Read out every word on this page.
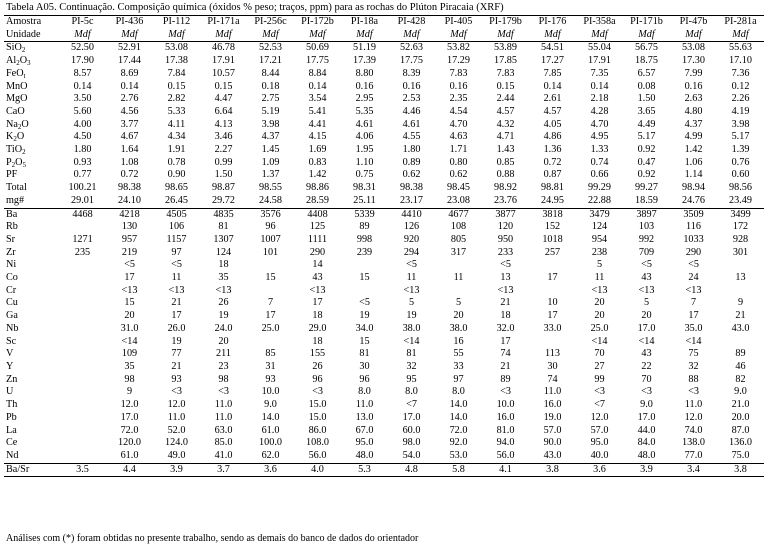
Tabela A05. Continuação. Composição química (óxidos % peso; traços, ppm) para as rochas do Plúton Piracaia (XRF)
Amostra	PI-5c	PI-436	PI-112	PI-171a	PI-256c	PI-172b	PI-18a	PI-428	PI-405	PI-179b	PI-176	PI-358a	PI-171b	PI-47b	PI-281a
Unidade	Mdf	Mdf	Mdf	Mdf	Mdf	Mdf	Mdf	Mdf	Mdf	Mdf	Mdf	Mdf	Mdf	Mdf	Mdf
SiO$_2$	52.50	52.91	53.08	46.78	52.53	50.69	51.19	52.63	53.82	53.89	54.51	55.04	56.75	53.08	55.63
$Al_2O_3$	17.90	17.44	17.38	17.91	17.21	17.75	17.39	17.75	17.29	17.85	17.27	17.91	18.75	17.30	17.10
FeO$_t$	8.57	8.69	7.84	10.57	8.44	8.84	8.80	8.39	7.83	7.83	7.85	7.35	6.57	7.99	7.36
MnO	0.14	0.14	0.15	0.15	0.18	0.14	0.16	0.16	0.16	0.15	0.14	0.14	0.08	0.16	0.12
MgO	3.50	2.76	2.82	4.47	2.75	3.54	2.95	2.53	2.35	2.44	2.61	2.18	1.50	2.63	2.26
CaO	5.60	4.56	5.33	6.64	5.19	5.41	5.35	4.46	4.54	4.57	4.57	4.28	3.65	4.80	4.19
$Na_2O$	4.00	3.77	4.11	4.13	3.98	4.41	4.61	4.61	4.70	4.32	4.05	4.70	4.49	4.37	3.98
$K_2O$	4.50	4.67	4.34	3.46	4.37	4.15	4.06	4.55	4.63	4.71	4.86	4.95	5.17	4.99	5.17
TiO$_2$	1.80	1.64	1.91	2.27	1.45	1.69	1.95	1.80	1.71	1.43	1.36	1.33	0.92	1.42	1.39
$P_2O_5$	0.93	1.08	0.78	0.99	1.09	0.83	1.10	0.89	0.80	0.85	0.72	0.74	0.47	1.06	0.76
PF	0.77	0.72	0.90	1.50	1.37	1.42	0.75	0.62	0.62	0.88	0.87	0.66	0.92	1.14	0.60
Total	100.21	98.38	98.65	98.87	98.55	98.86	98.31	98.38	98.45	98.92	98.81	99.29	99.27	98.94	98.56
mg#	29.01	24.10	26.45	29.72	24.58	28.59	25.11	23.17	23.08	23.76	24.95	22.88	18.59	24.76	23.49
Ba	4468	4218	4505	4835	3576	4408	5339	4410	4677	3877	3818	3479	3897	3509	3499
Rb		130	106	81	96	125	89	126	108	120	152	124	103	116	172
Sr	1271	957	1157	1307	1007	1111	998	920	805	950	1018	954	992	1033	928
Zr	235	219	97	124	101	290	239	294	317	233	257	238	709	290	301
Ni		<5	<5	18		14		<5		<5		5	<5	<5	
Co		17	11	35	15	43	15	11	11	13	17	11	43	24	13
Cr		<13	<13	<13		<13		<13		<13		<13	<13	<13	
Cu		15	21	26	7	17	<5	5	5	21	10	20	5	7	9
Ga		20	17	19	17	18	19	19	20	18	17	20	20	17	21
Nb		31.0	26.0	24.0	25.0	29.0	34.0	38.0	38.0	32.0	33.0	25.0	17.0	35.0	43.0
Sc		<14	19	20		18	15	<14	16	17		<14	<14	<14	
V		109	77	211	85	155	81	81	55	74	113	70	43	75	89
Y		35	21	23	31	26	30	32	33	21	30	27	22	32	46
Zn		98	93	98	93	96	96	95	97	89	74	99	70	88	82
U		9	<3	<3	10.0	<3	8.0	8.0	8.0	<3	11.0	<3	<3	<3	9.0
Th		12.0	12.0	11.0	9.0	15.0	11.0	<7	14.0	10.0	16.0	<7	9.0	11.0	21.0
Pb		17.0	11.0	11.0	14.0	15.0	13.0	17.0	14.0	16.0	19.0	12.0	17.0	12.0	20.0
La		72.0	52.0	63.0	61.0	86.0	67.0	60.0	72.0	81.0	57.0	57.0	44.0	74.0	87.0
Ce		120.0	124.0	85.0	100.0	108.0	95.0	98.0	92.0	94.0	90.0	95.0	84.0	138.0	136.0
Nd		61.0	49.0	41.0	62.0	56.0	48.0	54.0	53.0	56.0	43.0	40.0	48.0	77.0	75.0
Ba/Sr	3.5	4.4	3.9	3.7	3.6	4.0	5.3	4.8	5.8	4.1	3.8	3.6	3.9	3.4	3.8
Análises com (*) foram obtidas no presente trabalho, sendo as demais do banco de dados do orientador
